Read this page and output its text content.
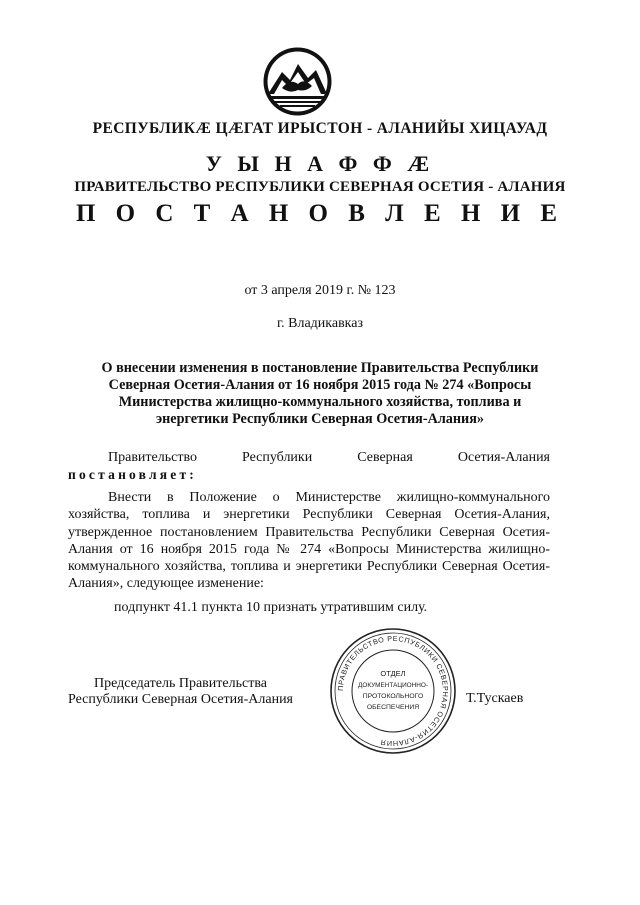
РЕСПУБЛИКӔ ЦӔГАТ ИРЫСТОН - АЛАНИЙЫ ХИЦАУАД
У Ы Н А Ф Ф Ӕ
ПРАВИТЕЛЬСТВО РЕСПУБЛИКИ СЕВЕРНАЯ ОСЕТИЯ - АЛАНИЯ
П О С Т А Н О В Л Е Н И Е
от 3 апреля 2019 г. № 123
г. Владикавказ
О внесении изменения в постановление Правительства Республики
Северная Осетия-Алания от 16 ноября 2015 года № 274 «Вопросы
Министерства жилищно-коммунального хозяйства, топлива и
энергетики Республики Северная Осетия-Алания»
Правительство	Республики	Северная	Осетия-Алания
постановляет:
Внести в Положение о Министерстве жилищно-коммунального хозяйства, топлива и энергетики Республики Северная Осетия-Алания, утвержденное постановлением Правительства Республики Северная Осетия-Алания от 16 ноября 2015 года № 274 «Вопросы Министерства жилищно-коммунального хозяйства, топлива и энергетики Республики Северная Осетия-Алания», следующее изменение:
подпункт 41.1 пункта 10 признать утратившим силу.
Председатель Правительства
Республики Северная Осетия-Алания	Т.Тускаев
ПРАВИТЕЛЬСТВО РЕСПУБЛИКИ СЕВЕРНАЯ ОСЕТИЯ-АЛАНИЯ
ОТДЕЛ
ДОКУМЕНТАЦИОННО-
ПРОТОКОЛЬНОГО
ОБЕСПЕЧЕНИЯ
